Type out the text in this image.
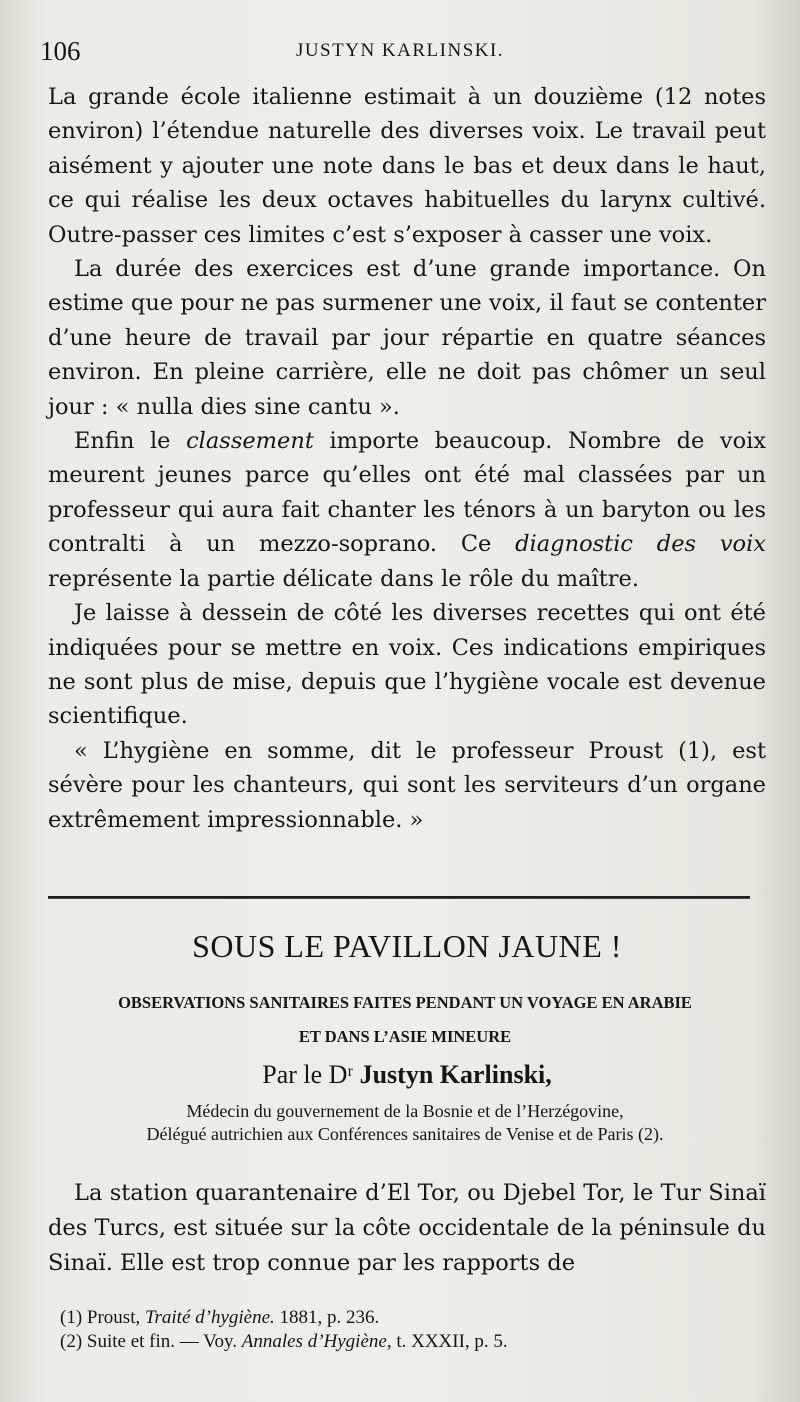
106	JUSTYN KARLINSKI.

La grande école italienne estimait à un douzième (12 notes environ) l’étendue naturelle des diverses voix. Le travail peut aisément y ajouter une note dans le bas et deux dans le haut, ce qui réalise les deux octaves habituelles du larynx cultivé. Outre-passer ces limites c’est s’exposer à casser une voix.

La durée des exercices est d’une grande importance. On estime que pour ne pas surmener une voix, il faut se contenter d’une heure de travail par jour répartie en quatre séances environ. En pleine carrière, elle ne doit pas chômer un seul jour : « nulla dies sine cantu ».

Enfin le classement importe beaucoup. Nombre de voix meurent jeunes parce qu’elles ont été mal classées par un professeur qui aura fait chanter les ténors à un baryton ou les contralti à un mezzo-soprano. Ce diagnostic des voix représente la partie délicate dans le rôle du maître.

Je laisse à dessein de côté les diverses recettes qui ont été indiquées pour se mettre en voix. Ces indications empiriques ne sont plus de mise, depuis que l’hygiène vocale est devenue scientifique.

« L’hygiène en somme, dit le professeur Proust (1), est sévère pour les chanteurs, qui sont les serviteurs d’un organe extrêmement impressionnable. »

SOUS LE PAVILLON JAUNE !
OBSERVATIONS SANITAIRES FAITES PENDANT UN VOYAGE EN ARABIE
ET DANS L’ASIE MINEURE
Par le Dʳ Justyn Karlinski,
Médecin du gouvernement de la Bosnie et de l’Herzégovine,
Délégué autrichien aux Conférences sanitaires de Venise et de Paris (2).

La station quarantenaire d’El Tor, ou Djebel Tor, le Tur Sinaï des Turcs, est située sur la côte occidentale de la péninsule du Sinaï. Elle est trop connue par les rapports de

(1) Proust, Traité d’hygiène. 1881, p. 236.
(2) Suite et fin. — Voy. Annales d’Hygiène, t. XXXII, p. 5.
